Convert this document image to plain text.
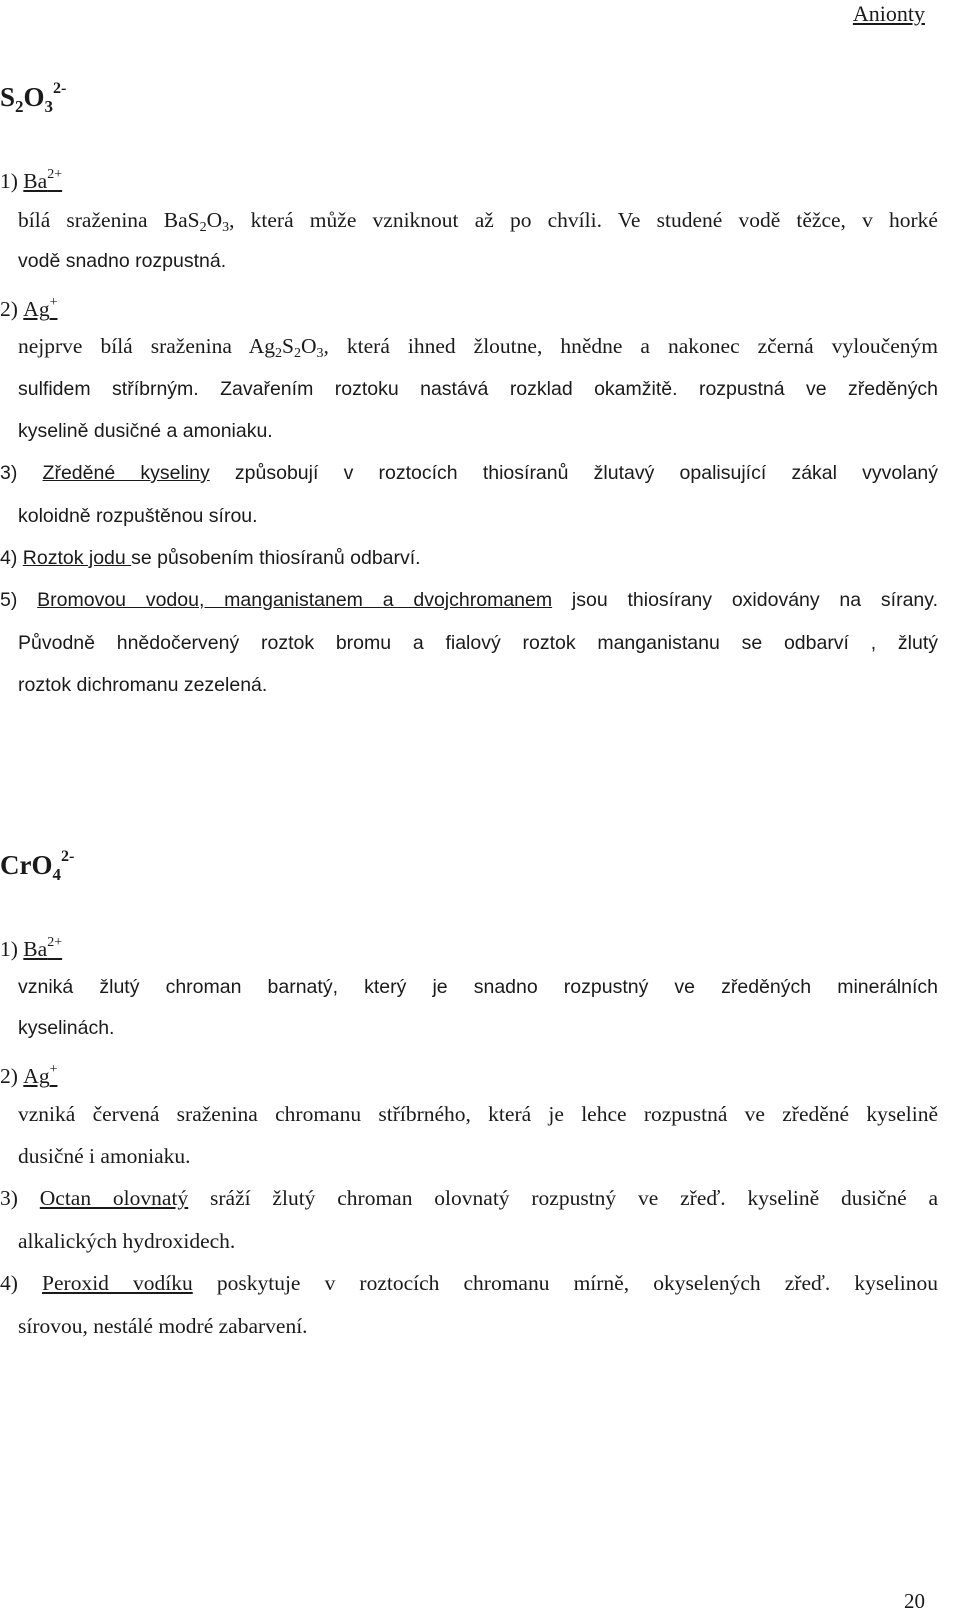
Anionty
$S_2O_3^{2-}$
1) $Ba^{2+}$
bílá sraženina $BaS_2O_3$, která může vzniknout až po chvíli. Ve studené vodě těžce, v horké
vodě snadno rozpustná.
2) Ag+
nejprve bílá sraženina $Ag_2S_2O_3$, která ihned žloutne, hnědne a nakonec zčerná vyloučeným
sulfidem stříbrným. Zavařením roztoku nastává rozklad okamžitě. rozpustná ve zředěných
kyselině dusičné a amoniaku.
3) Zředěné kyseliny způsobují v roztocích thiosíranů žlutavý opalisující zákal vyvolaný
koloidně rozpuštěnou sírou.
4) Roztok jodu se působením thiosíranů odbarví.
5) Bromovou vodou, manganistanem a dvojchromanem jsou thiosírany oxidovány na sírany.
Původně hnědočervený roztok bromu a fialový roztok manganistanu se odbarví , žlutý
roztok dichromanu zezelená.
CrO$_4^{2-}$
1) $Ba^{2+}$
vzniká žlutý chroman barnatý, který je snadno rozpustný ve zředěných minerálních
kyselinách.
2) Ag+
vzniká červená sraženina chromanu stříbrného, která je lehce rozpustná ve zředěné kyselině
dusičné i amoniaku.
3) Octan olovnatý sráží žlutý chroman olovnatý rozpustný ve zřeď. kyselině dusičné a
alkalických hydroxidech.
4) Peroxid vodíku poskytuje v roztocích chromanu mírně, okyselených zřeď. kyselinou
sírovou, nestálé modré zabarvení.
20
